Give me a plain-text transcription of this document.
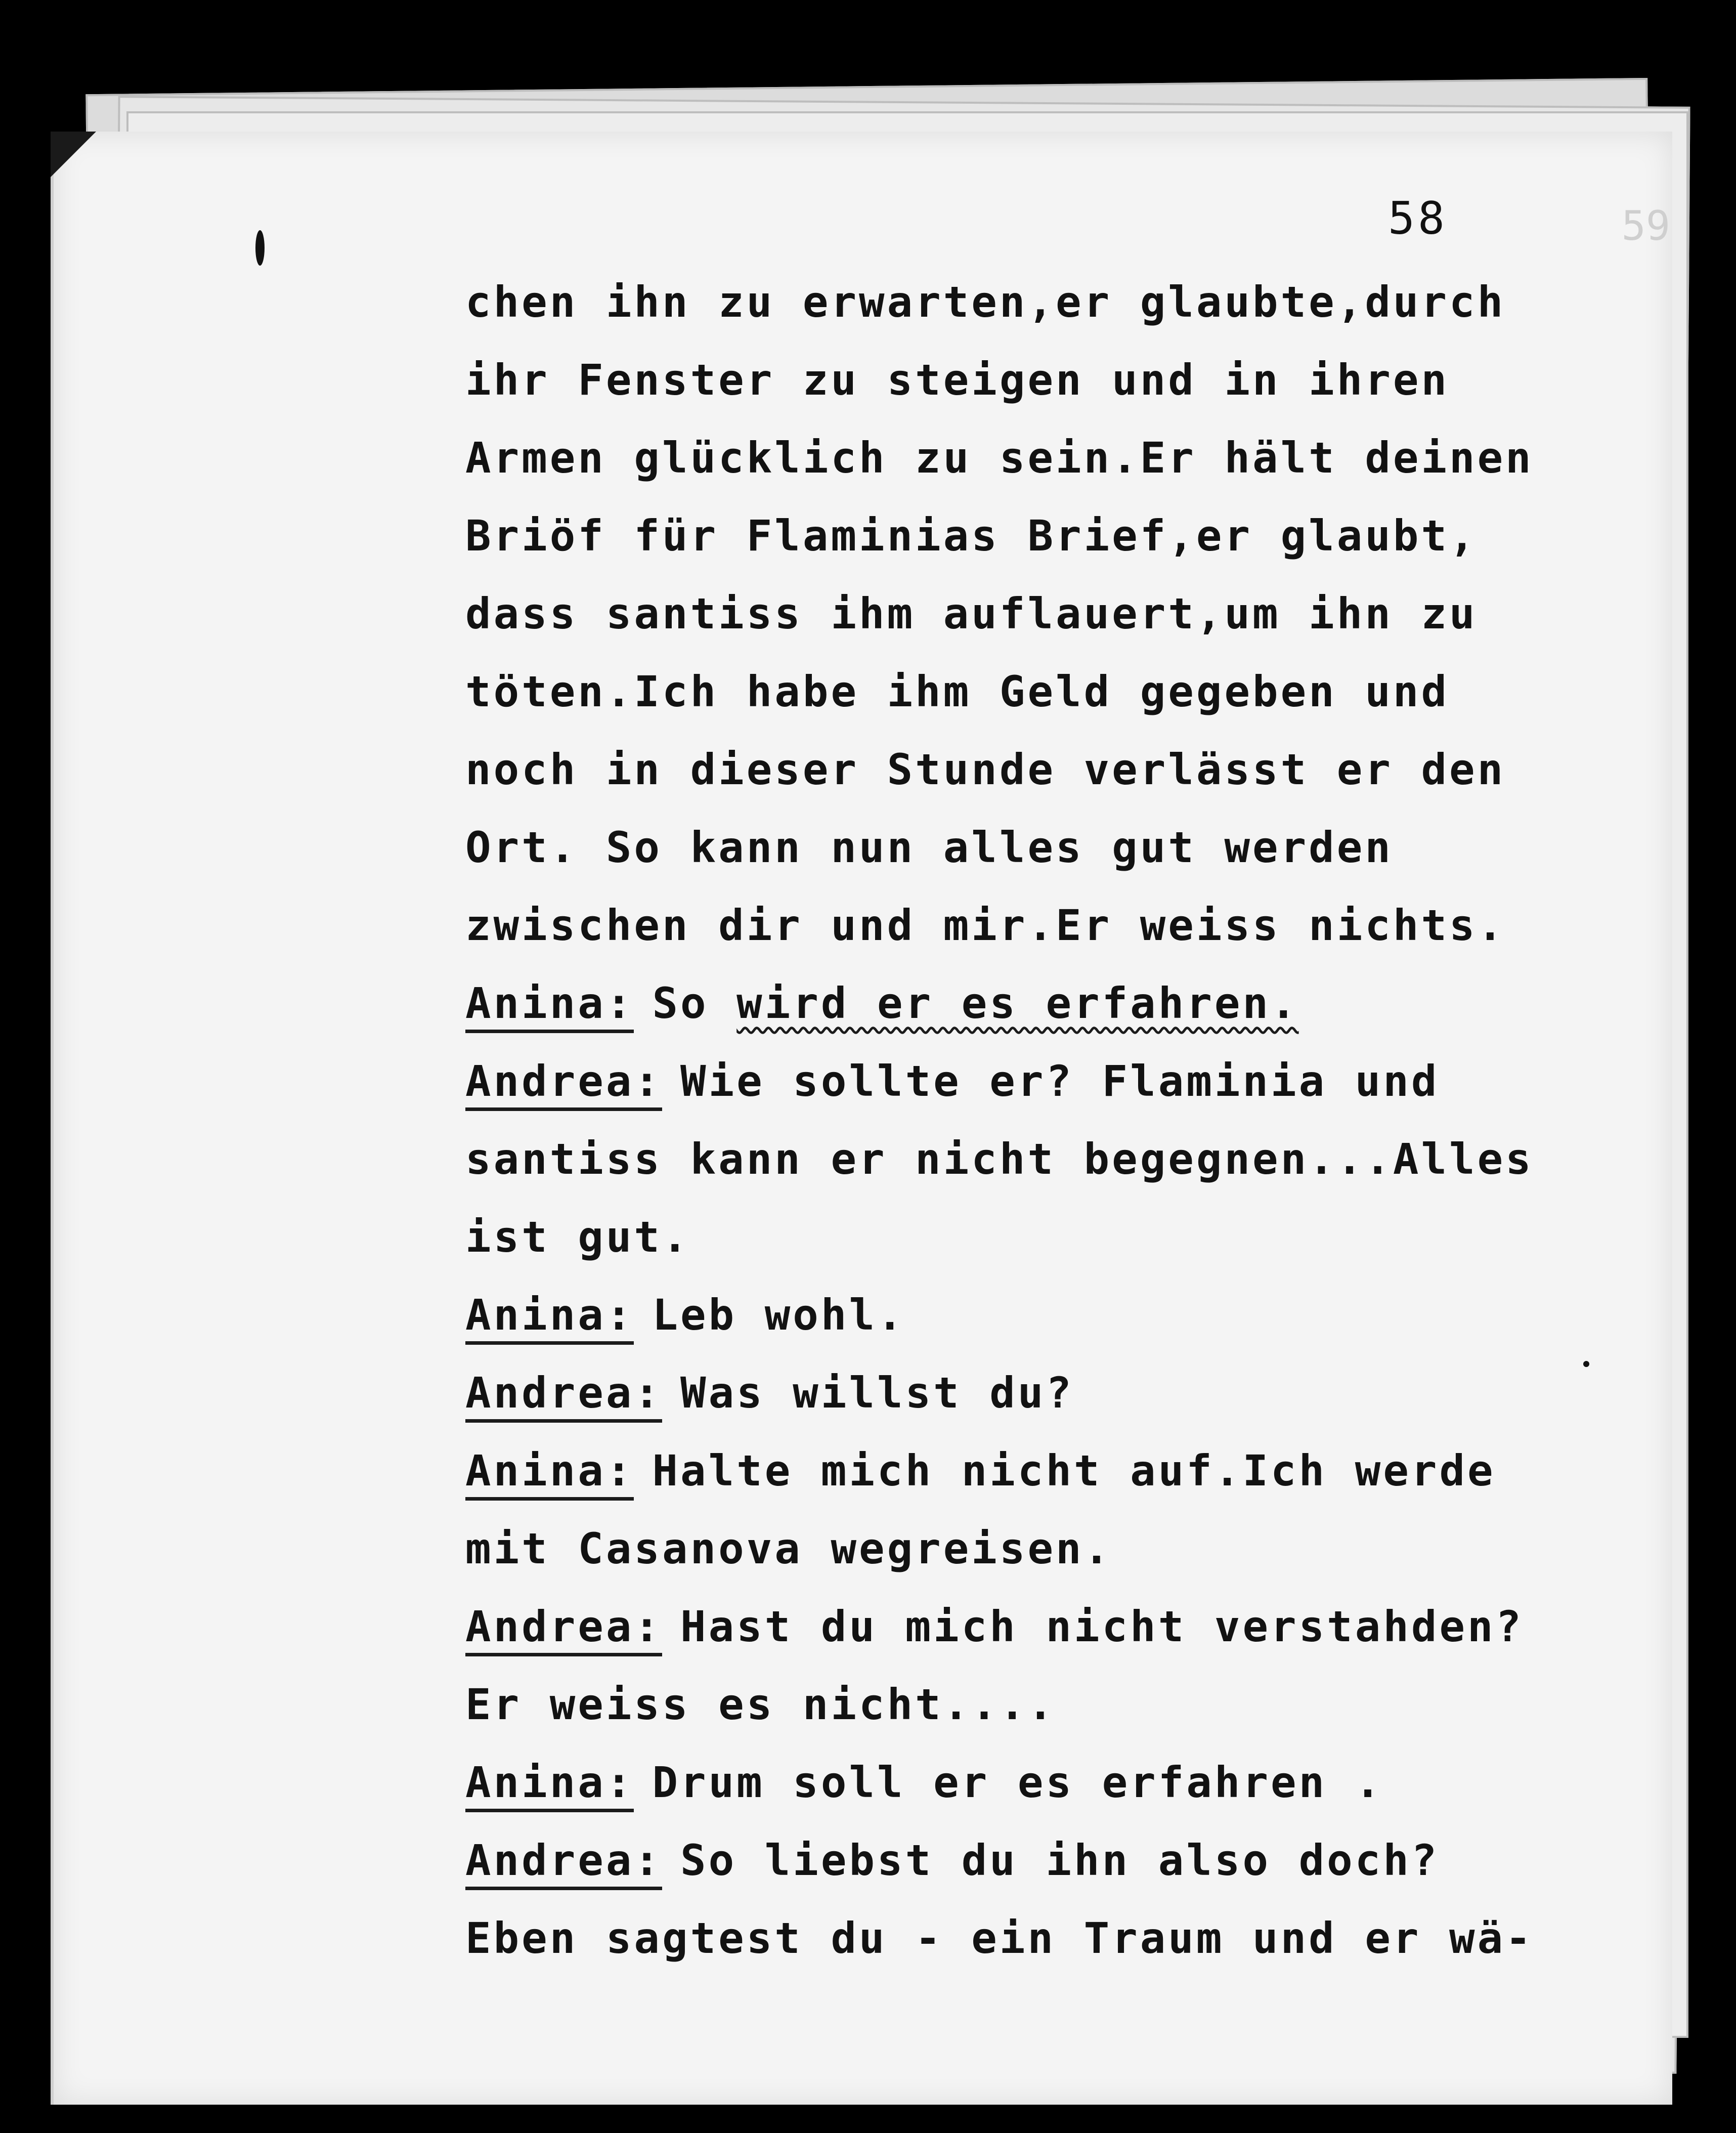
58	59
chen ihn zu erwarten,er glaubte,durch
ihr Fenster zu steigen und in ihren
Armen glücklich zu sein.Er hält deinen
Briöf für Flaminias Brief,er glaubt,
dass santiss ihm auflauert,um ihn zu
töten.Ich habe ihm Geld gegeben und
noch in dieser Stunde verlässt er den
Ort. So kann nun alles gut werden
zwischen dir und mir.Er weiss nichts.
Anina: So wird er es erfahren.
Andrea: Wie sollte er? Flaminia und
santiss kann er nicht begegnen...Alles
ist gut.
Anina: Leb wohl.
Andrea: Was willst du?
Anina: Halte mich nicht auf.Ich werde
mit Casanova wegreisen.
Andrea: Hast du mich nicht verstahden?
Er weiss es nicht....
Anina: Drum soll er es erfahren .
Andrea: So liebst du ihn also doch?
Eben sagtest du - ein Traum und er wä-
